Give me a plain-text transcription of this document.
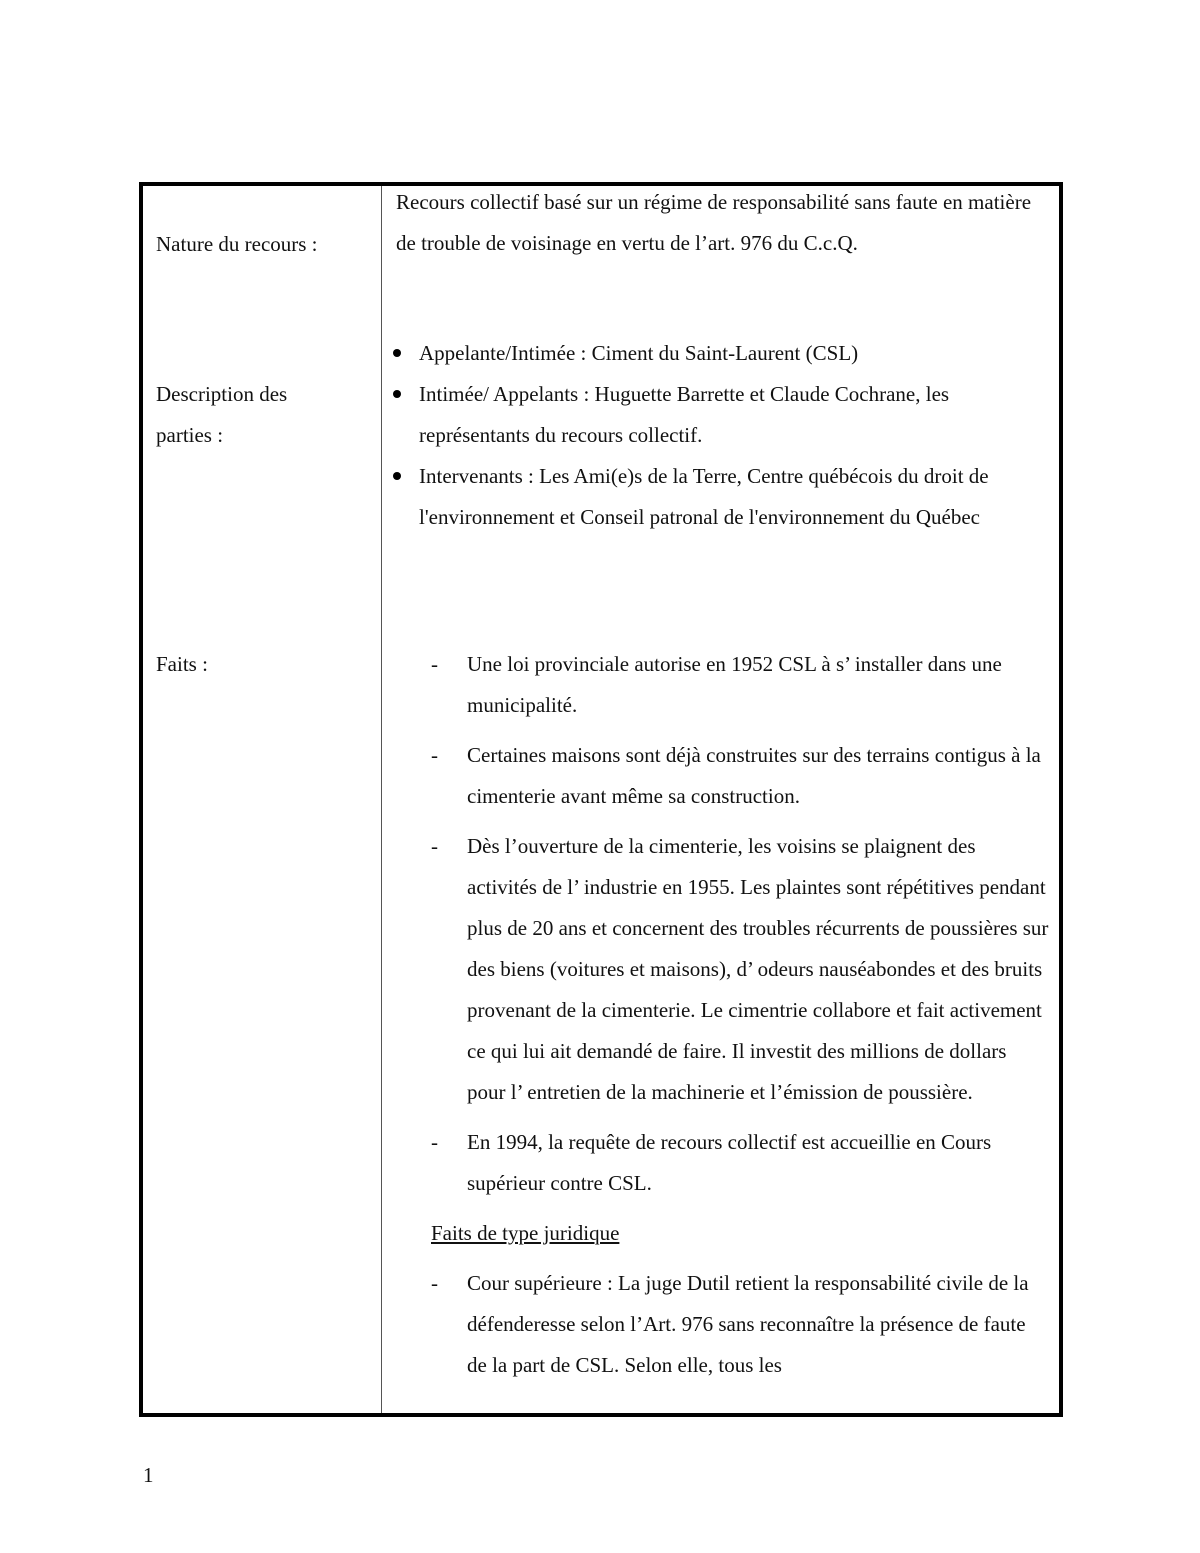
Nature du recours :
Recours collectif basé sur un régime de responsabilité sans faute en matière de trouble de voisinage en vertu de l’art. 976 du C.c.Q.
Description des
parties :
Appelante/Intimée : Ciment du Saint-Laurent (CSL)
Intimée/ Appelants : Huguette Barrette et Claude Cochrane, les représentants du recours collectif.
Intervenants : Les Ami(e)s de la Terre, Centre québécois du droit de l'environnement et Conseil patronal de l'environnement du Québec
Faits :	- Une loi provinciale autorise en 1952 CSL à s’ installer dans une municipalité.
- Certaines maisons sont déjà construites sur des terrains contigus à la cimenterie avant même sa construction.
- Dès l’ouverture de la cimenterie, les voisins se plaignent des activités de l’ industrie en 1955. Les plaintes sont répétitives pendant plus de 20 ans et concernent des troubles récurrents de poussières sur des biens (voitures et maisons), d’ odeurs nauséabondes et des bruits provenant de la cimenterie. Le cimentrie collabore et fait activement ce qui lui ait demandé de faire. Il investit des millions de dollars pour l’ entretien de la machinerie et l’émission de poussière.
- En 1994, la requête de recours collectif est accueillie en Cours supérieur contre CSL.
Faits de type juridique
- Cour supérieure : La juge Dutil retient la responsabilité civile de la défenderesse selon l’Art. 976 sans reconnaître la présence de faute de la part de CSL. Selon elle, tous les
1
